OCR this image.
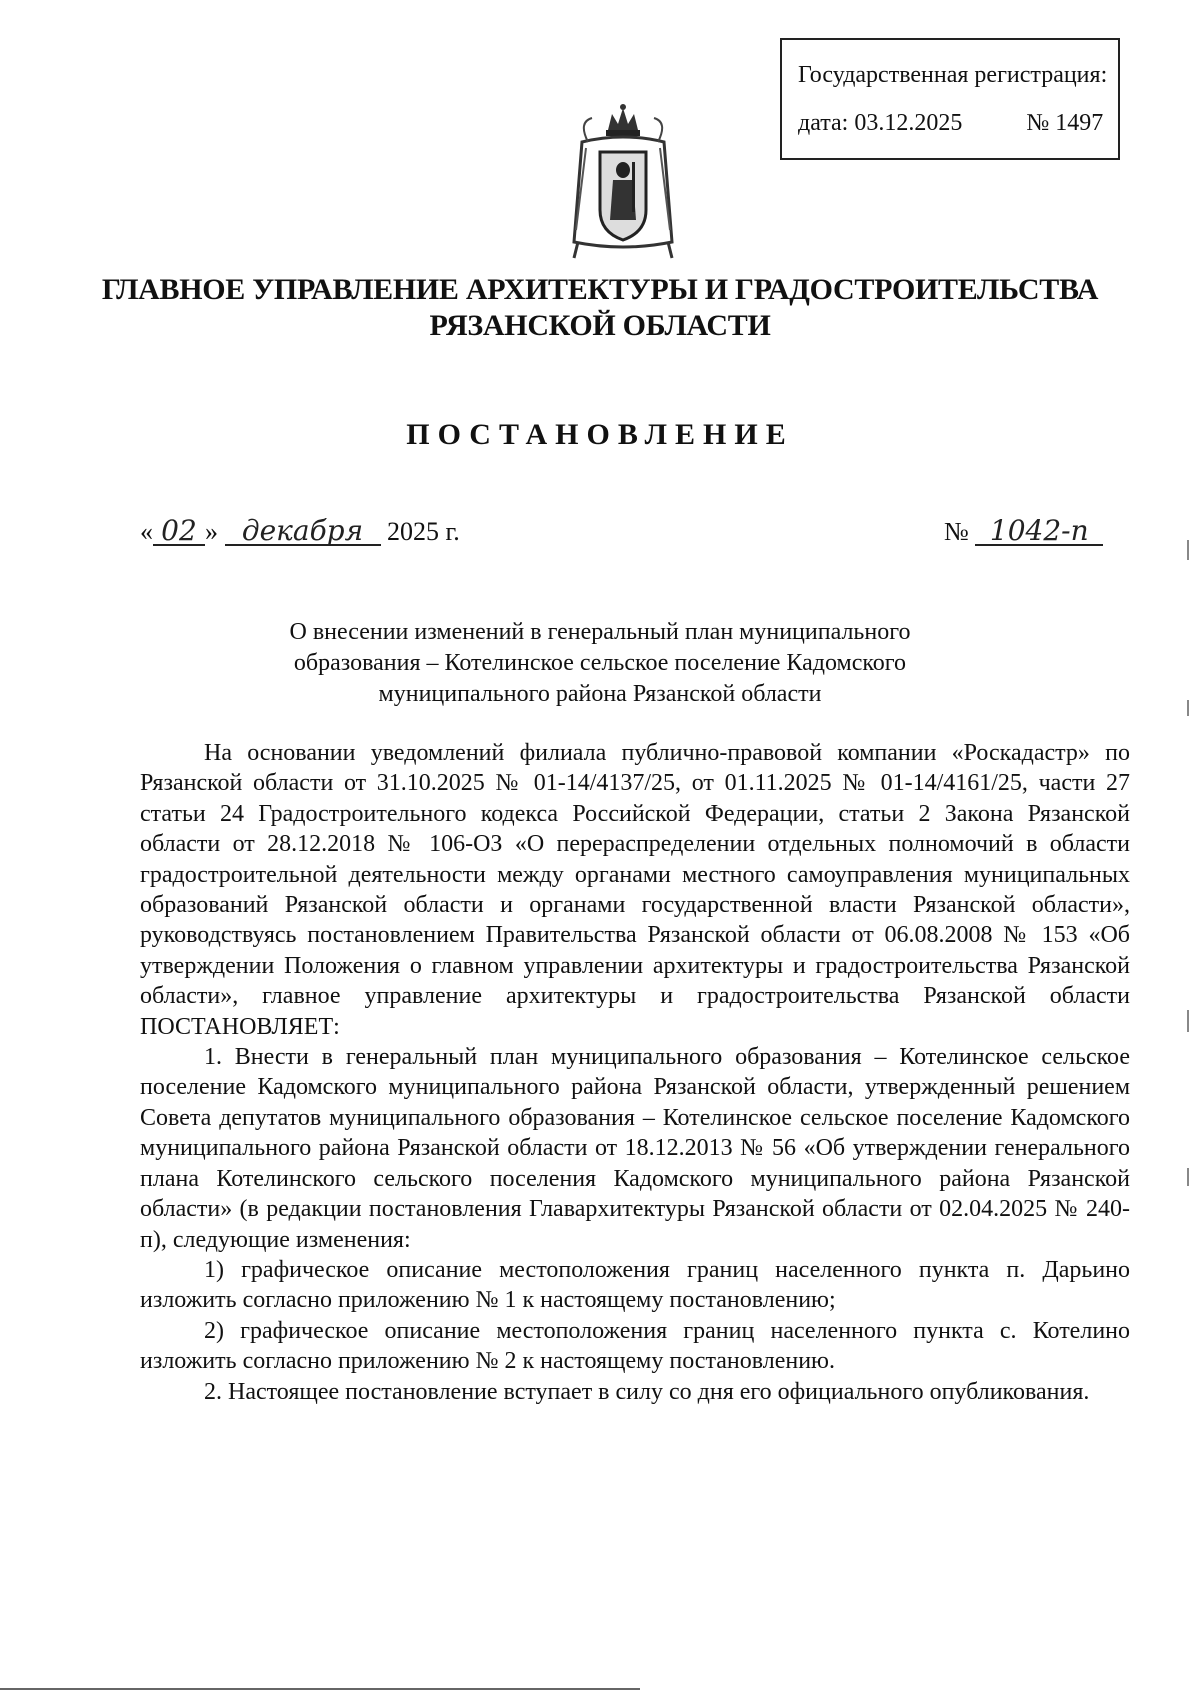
Государственная регистрация:
дата: 03.12.2025	№ 1497
ГЛАВНОЕ УПРАВЛЕНИЕ АРХИТЕКТУРЫ И ГРАДОСТРОИТЕЛЬСТВА
РЯЗАНСКОЙ ОБЛАСТИ
ПОСТАНОВЛЕНИЕ
« 02 » декабря 2025 г.	№ 1042-п
О внесении изменений в генеральный план муниципального
образования – Котелинское сельское поселение Кадомского
муниципального района Рязанской области

На основании уведомлений филиала публично-правовой компании «Роскадастр» по Рязанской области от 31.10.2025 № 01-14/4137/25, от 01.11.2025 № 01-14/4161/25, части 27 статьи 24 Градостроительного кодекса Российской Федерации, статьи 2 Закона Рязанской области от 28.12.2018 № 106-ОЗ «О перераспределении отдельных полномочий в области градостроительной деятельности между органами местного самоуправления муниципальных образований Рязанской области и органами государственной власти Рязанской области», руководствуясь постановлением Правительства Рязанской области от 06.08.2008 № 153 «Об утверждении Положения о главном управлении архитектуры и градостроительства Рязанской области», главное управление архитектуры и градостроительства Рязанской области ПОСТАНОВЛЯЕТ:

1. Внести в генеральный план муниципального образования – Котелинское сельское поселение Кадомского муниципального района Рязанской области, утвержденный решением Совета депутатов муниципального образования – Котелинское сельское поселение Кадомского муниципального района Рязанской области от 18.12.2013 № 56 «Об утверждении генерального плана Котелинского сельского поселения Кадомского муниципального района Рязанской области» (в редакции постановления Главархитектуры Рязанской области от 02.04.2025 № 240-п), следующие изменения:

1) графическое описание местоположения границ населенного пункта п. Дарьино изложить согласно приложению № 1 к настоящему постановлению;

2) графическое описание местоположения границ населенного пункта с. Котелино изложить согласно приложению № 2 к настоящему постановлению.

2. Настоящее постановление вступает в силу со дня его официального опубликования.
